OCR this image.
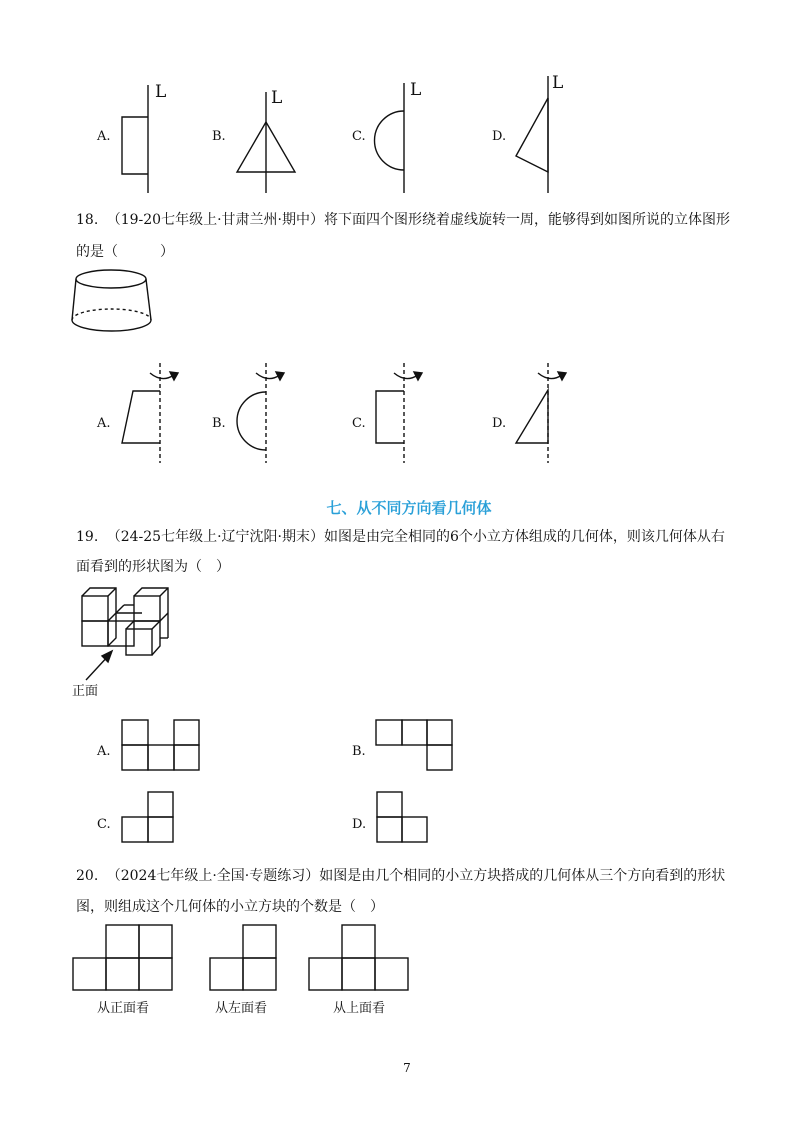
A.
L
B.
L
C.
L
D.
L
18. （19-20七年级上·甘肃兰州·期中）将下面四个图形绕着虚线旋转一周，能够得到如图所说的立体图形
的是（　　　）
A.	B.	C.	D.
七、从不同方向看几何体
19. （24-25七年级上·辽宁沈阳·期末）如图是由完全相同的6个小立方体组成的几何体，则该几何体从右
面看到的形状图为（　）
正面
A.	B.
C.	D.
20. （2024七年级上·全国·专题练习）如图是由几个相同的小立方块搭成的几何体从三个方向看到的形状
图，则组成这个几何体的小立方块的个数是（　）
从正面看	从左面看	从上面看
7
